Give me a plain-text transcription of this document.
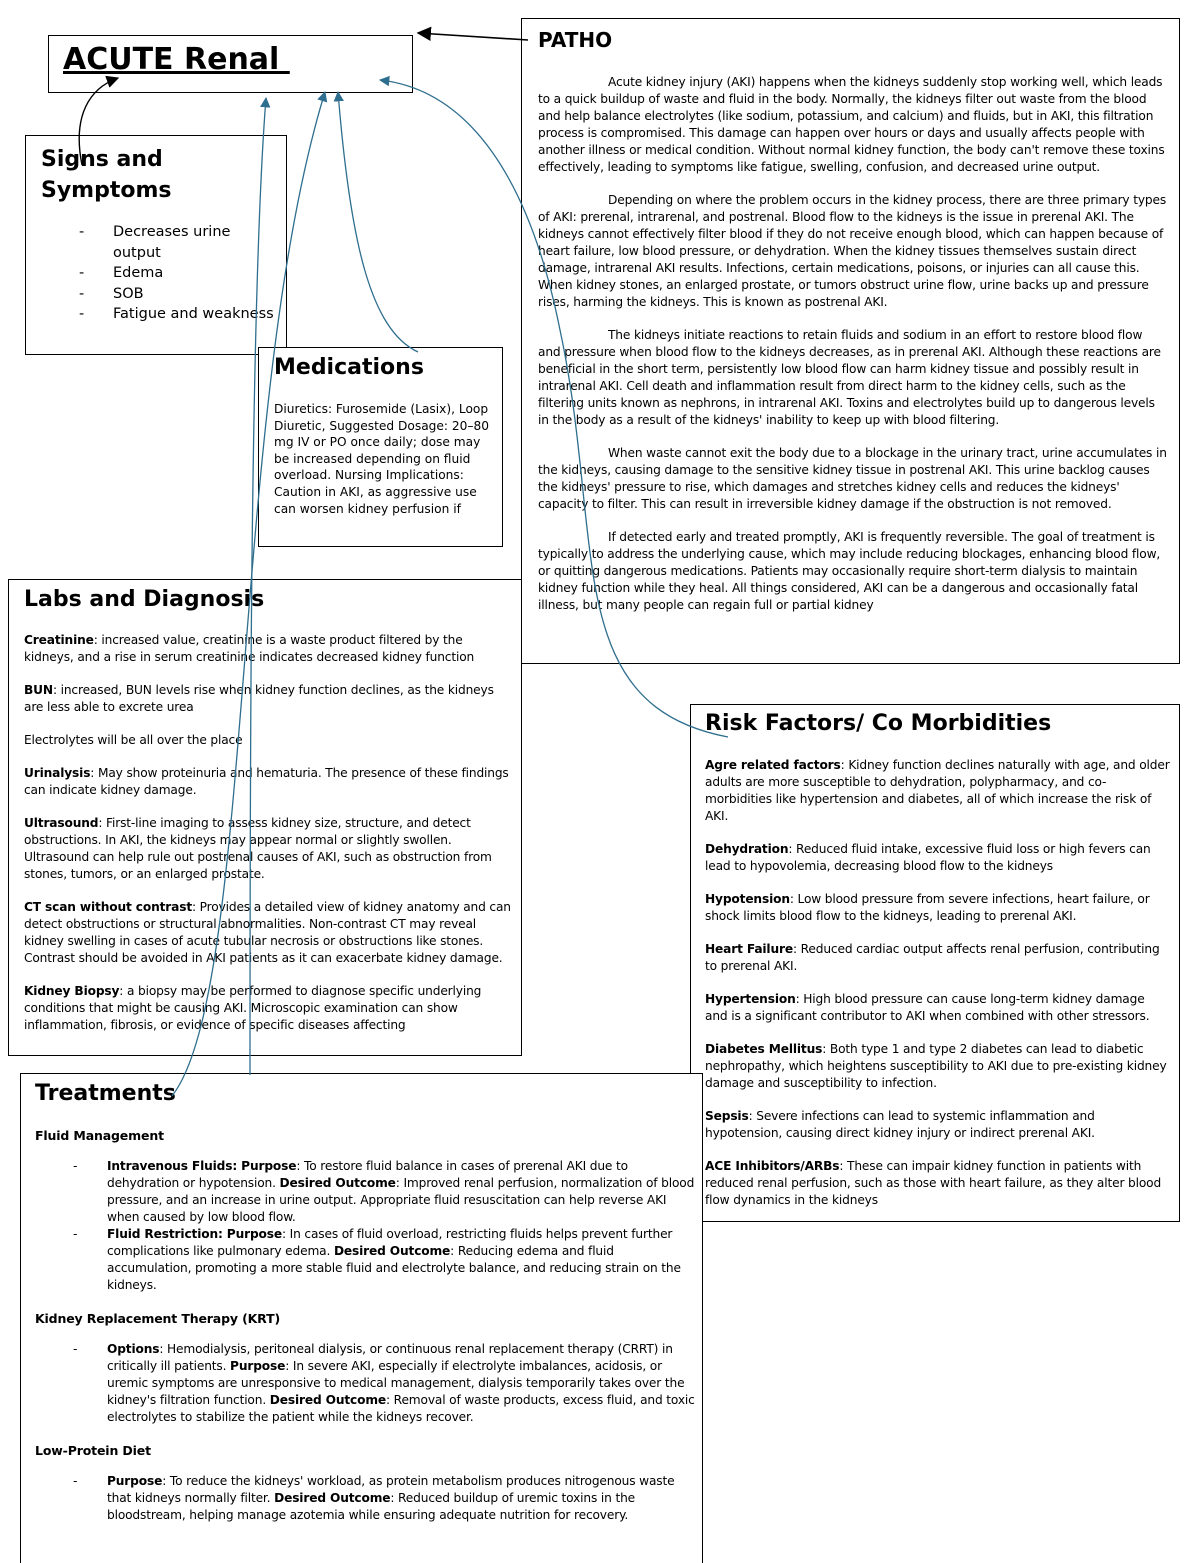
ACUTE Renal
Signs and Symptoms
- Decreases urine output
- Edema
- SOB
- Fatigue and weakness
Medications
Diuretics: Furosemide (Lasix), Loop Diuretic, Suggested Dosage: 20–80 mg IV or PO once daily; dose may be increased depending on fluid overload. Nursing Implications: Caution in AKI, as aggressive use can worsen kidney perfusion if
PATHO

Acute kidney injury (AKI) happens when the kidneys suddenly stop working well, which leads to a quick buildup of waste and fluid in the body. Normally, the kidneys filter out waste from the blood and help balance electrolytes (like sodium, potassium, and calcium) and fluids, but in AKI, this filtration process is compromised. This damage can happen over hours or days and usually affects people with another illness or medical condition. Without normal kidney function, the body can't remove these toxins effectively, leading to symptoms like fatigue, swelling, confusion, and decreased urine output.

Depending on where the problem occurs in the kidney process, there are three primary types of AKI: prerenal, intrarenal, and postrenal. Blood flow to the kidneys is the issue in prerenal AKI. The kidneys cannot effectively filter blood if they do not receive enough blood, which can happen because of heart failure, low blood pressure, or dehydration. When the kidney tissues themselves sustain direct damage, intrarenal AKI results. Infections, certain medications, poisons, or injuries can all cause this. When kidney stones, an enlarged prostate, or tumors obstruct urine flow, urine backs up and pressure rises, harming the kidneys. This is known as postrenal AKI.

The kidneys initiate reactions to retain fluids and sodium in an effort to restore blood flow and pressure when blood flow to the kidneys decreases, as in prerenal AKI. Although these reactions are beneficial in the short term, persistently low blood flow can harm kidney tissue and possibly result in intrarenal AKI. Cell death and inflammation result from direct harm to the kidney cells, such as the filtering units known as nephrons, in intrarenal AKI. Toxins and electrolytes build up to dangerous levels in the body as a result of the kidneys' inability to keep up with blood filtering.

When waste cannot exit the body due to a blockage in the urinary tract, urine accumulates in the kidneys, causing damage to the sensitive kidney tissue in postrenal AKI. This urine backlog causes the kidneys' pressure to rise, which damages and stretches kidney cells and reduces the kidneys' capacity to filter. This can result in irreversible kidney damage if the obstruction is not removed.

If detected early and treated promptly, AKI is frequently reversible. The goal of treatment is typically to address the underlying cause, which may include reducing blockages, enhancing blood flow, or quitting dangerous medications. Patients may occasionally require short-term dialysis to maintain kidney function while they heal. All things considered, AKI can be a dangerous and occasionally fatal illness, but many people can regain full or partial kidney

Labs and Diagnosis

Creatinine: increased value, creatinine is a waste product filtered by the kidneys, and a rise in serum creatinine indicates decreased kidney function

BUN: increased, BUN levels rise when kidney function declines, as the kidneys are less able to excrete urea

Electrolytes will be all over the place

Urinalysis: May show proteinuria and hematuria. The presence of these findings can indicate kidney damage.

Ultrasound: First-line imaging to assess kidney size, structure, and detect obstructions. In AKI, the kidneys may appear normal or slightly swollen. Ultrasound can help rule out postrenal causes of AKI, such as obstruction from stones, tumors, or an enlarged prostate.

CT scan without contrast: Provides a detailed view of kidney anatomy and can detect obstructions or structural abnormalities. Non-contrast CT may reveal kidney swelling in cases of acute tubular necrosis or obstructions like stones. Contrast should be avoided in AKI patients as it can exacerbate kidney damage.

Kidney Biopsy: a biopsy may be performed to diagnose specific underlying conditions that might be causing AKI. Microscopic examination can show inflammation, fibrosis, or evidence of specific diseases affecting

Risk Factors/ Co Morbidities

Agre related factors: Kidney function declines naturally with age, and older adults are more susceptible to dehydration, polypharmacy, and co-morbidities like hypertension and diabetes, all of which increase the risk of AKI.

Dehydration: Reduced fluid intake, excessive fluid loss or high fevers can lead to hypovolemia, decreasing blood flow to the kidneys

Hypotension: Low blood pressure from severe infections, heart failure, or shock limits blood flow to the kidneys, leading to prerenal AKI.

Heart Failure: Reduced cardiac output affects renal perfusion, contributing to prerenal AKI.

Hypertension: High blood pressure can cause long-term kidney damage and is a significant contributor to AKI when combined with other stressors.

Diabetes Mellitus: Both type 1 and type 2 diabetes can lead to diabetic nephropathy, which heightens susceptibility to AKI due to pre-existing kidney damage and susceptibility to infection.

Sepsis: Severe infections can lead to systemic inflammation and hypotension, causing direct kidney injury or indirect prerenal AKI.

ACE Inhibitors/ARBs: These can impair kidney function in patients with reduced renal perfusion, such as those with heart failure, as they alter blood flow dynamics in the kidneys

Treatments
Fluid Management
- Intravenous Fluids: Purpose: To restore fluid balance in cases of prerenal AKI due to dehydration or hypotension. Desired Outcome: Improved renal perfusion, normalization of blood pressure, and an increase in urine output. Appropriate fluid resuscitation can help reverse AKI when caused by low blood flow.
- Fluid Restriction: Purpose: In cases of fluid overload, restricting fluids helps prevent further complications like pulmonary edema. Desired Outcome: Reducing edema and fluid accumulation, promoting a more stable fluid and electrolyte balance, and reducing strain on the kidneys.
Kidney Replacement Therapy (KRT)
- Options: Hemodialysis, peritoneal dialysis, or continuous renal replacement therapy (CRRT) in critically ill patients. Purpose: In severe AKI, especially if electrolyte imbalances, acidosis, or uremic symptoms are unresponsive to medical management, dialysis temporarily takes over the kidney's filtration function. Desired Outcome: Removal of waste products, excess fluid, and toxic electrolytes to stabilize the patient while the kidneys recover.
Low-Protein Diet
- Purpose: To reduce the kidneys' workload, as protein metabolism produces nitrogenous waste that kidneys normally filter. Desired Outcome: Reduced buildup of uremic toxins in the bloodstream, helping manage azotemia while ensuring adequate nutrition for recovery.
